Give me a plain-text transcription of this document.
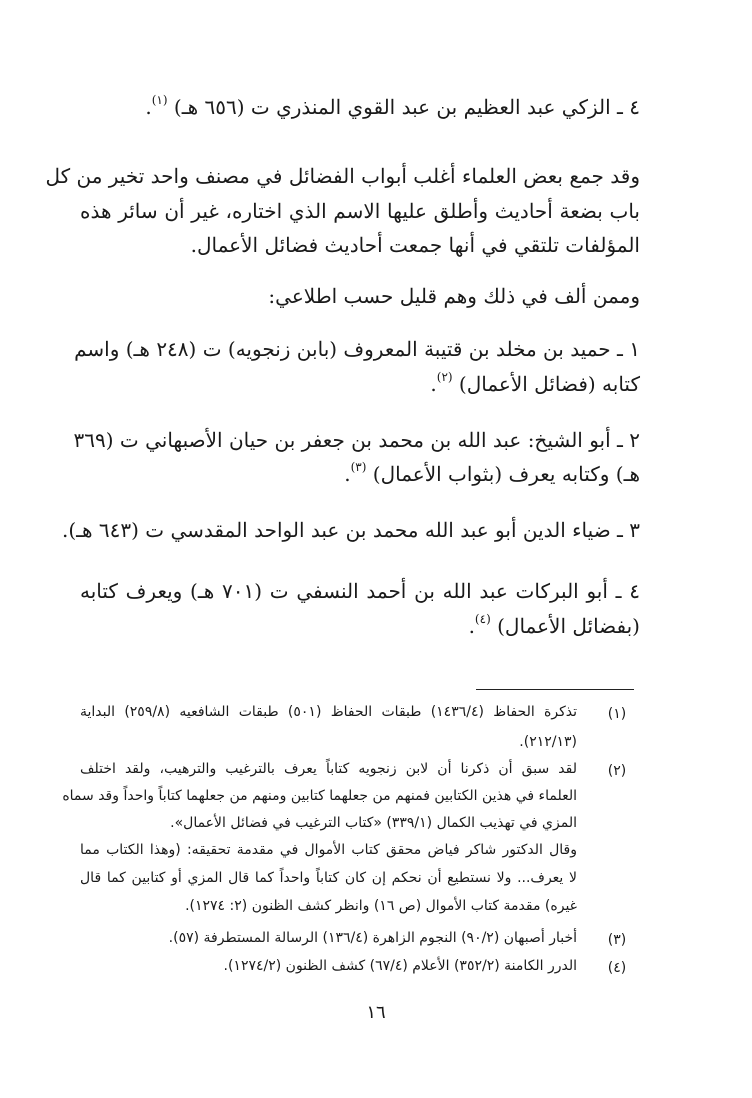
٤ ـ الزكي عبد العظيم بن عبد القوي المنذري ت (٦٥٦ هـ) $^{(١)}$.
وقد جمع بعض العلماء أغلب أبواب الفضائل في مصنف واحد تخير من كل
باب بضعة أحاديث وأطلق عليها الاسم الذي اختاره، غير أن سائر هذه
المؤلفات تلتقي في أنها جمعت أحاديث فضائل الأعمال.
وممن ألف في ذلك وهم قليل حسب اطلاعي:
١ ـ حميد بن مخلد بن قتيبة المعروف (بابن زنجويه) ت (٢٤٨ هـ) واسم
كتابه (فضائل الأعمال) $^{(٢)}$.
٢ ـ أبو الشيخ: عبد الله بن محمد بن جعفر بن حيان الأصبهاني ت (٣٦٩
هـ) وكتابه يعرف (بثواب الأعمال) $^{(٣)}$.
٣ ـ ضياء الدين أبو عبد الله محمد بن عبد الواحد المقدسي ت (٦٤٣ هـ).
٤ ـ أبو البركات عبد الله بن أحمد النسفي ت (٧٠١ هـ) ويعرف كتابه
(بفضائل الأعمال) $^{(٤)}$.
(١)
تذكرة الحفاظ (١٤٣٦/٤) طبقات الحفاظ (٥٠١) طبقات الشافعيه (٢٥٩/٨) البداية
(٢١٢/١٣).
(٢)
لقد سبق أن ذكرنا أن لابن زنجويه كتاباً يعرف بالترغيب والترهيب، ولقد اختلف
العلماء في هذين الكتابين فمنهم من جعلهما كتابين ومنهم من جعلهما كتاباً واحداً وقد سماه
المزي في تهذيب الكمال (٣٣٩/١) «كتاب الترغيب في فضائل الأعمال».
وقال الدكتور شاكر فياض محقق كتاب الأموال في مقدمة تحقيقه: (وهذا الكتاب مما
لا يعرف... ولا نستطيع أن نحكم إن كان كتاباً واحداً كما قال المزي أو كتابين كما قال
غيره) مقدمة كتاب الأموال (ص ١٦) وانظر كشف الظنون (٢: ١٢٧٤).
(٣)
أخبار أصبهان (٩٠/٢) النجوم الزاهرة (١٣٦/٤) الرسالة المستطرفة (٥٧).
(٤)
الدرر الكامنة (٣٥٢/٢) الأعلام (٦٧/٤) كشف الظنون (١٢٧٤/٢).
١٦
